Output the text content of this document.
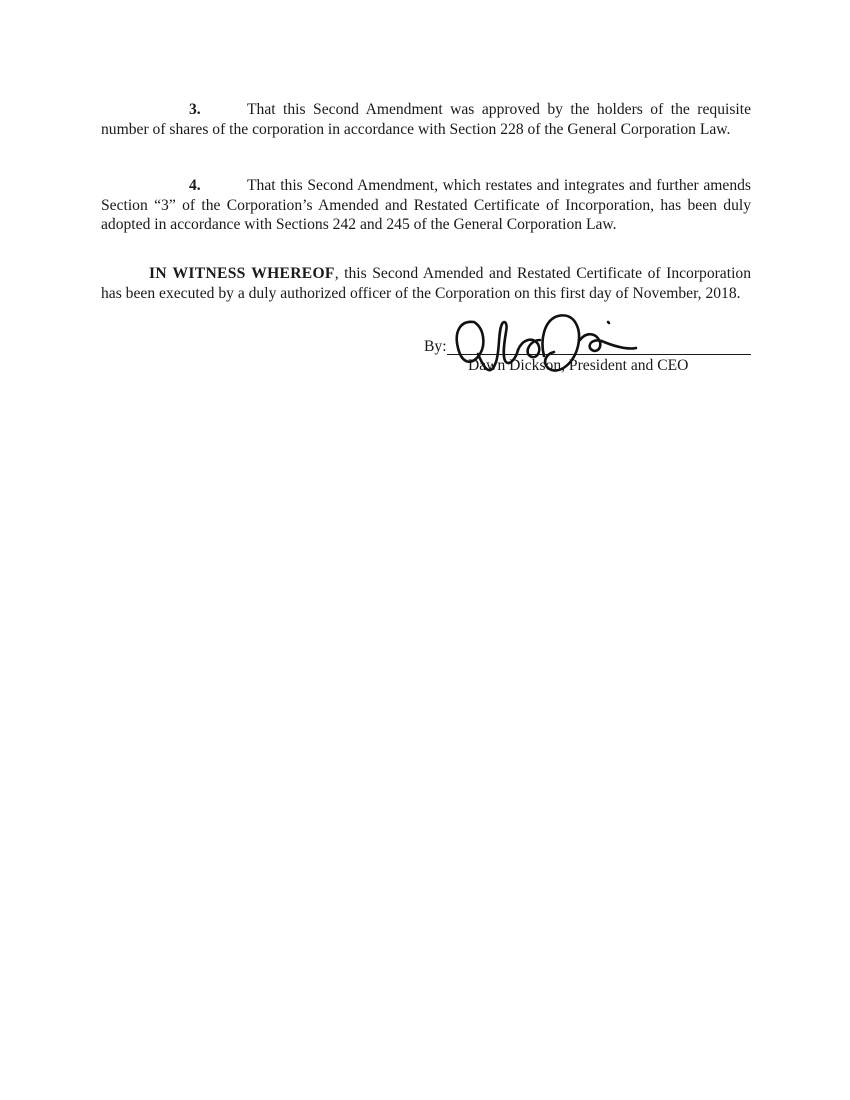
3.	That this Second Amendment was approved by the holders of the requisite number of shares of the corporation in accordance with Section 228 of the General Corporation Law.
4.	That this Second Amendment, which restates and integrates and further amends Section “3” of the Corporation’s Amended and Restated Certificate of Incorporation, has been duly adopted in accordance with Sections 242 and 245 of the General Corporation Law.
IN WITNESS WHEREOF, this Second Amended and Restated Certificate of Incorporation has been executed by a duly authorized officer of the Corporation on this first day of November, 2018.
By:
Dawn Dickson, President and CEO
